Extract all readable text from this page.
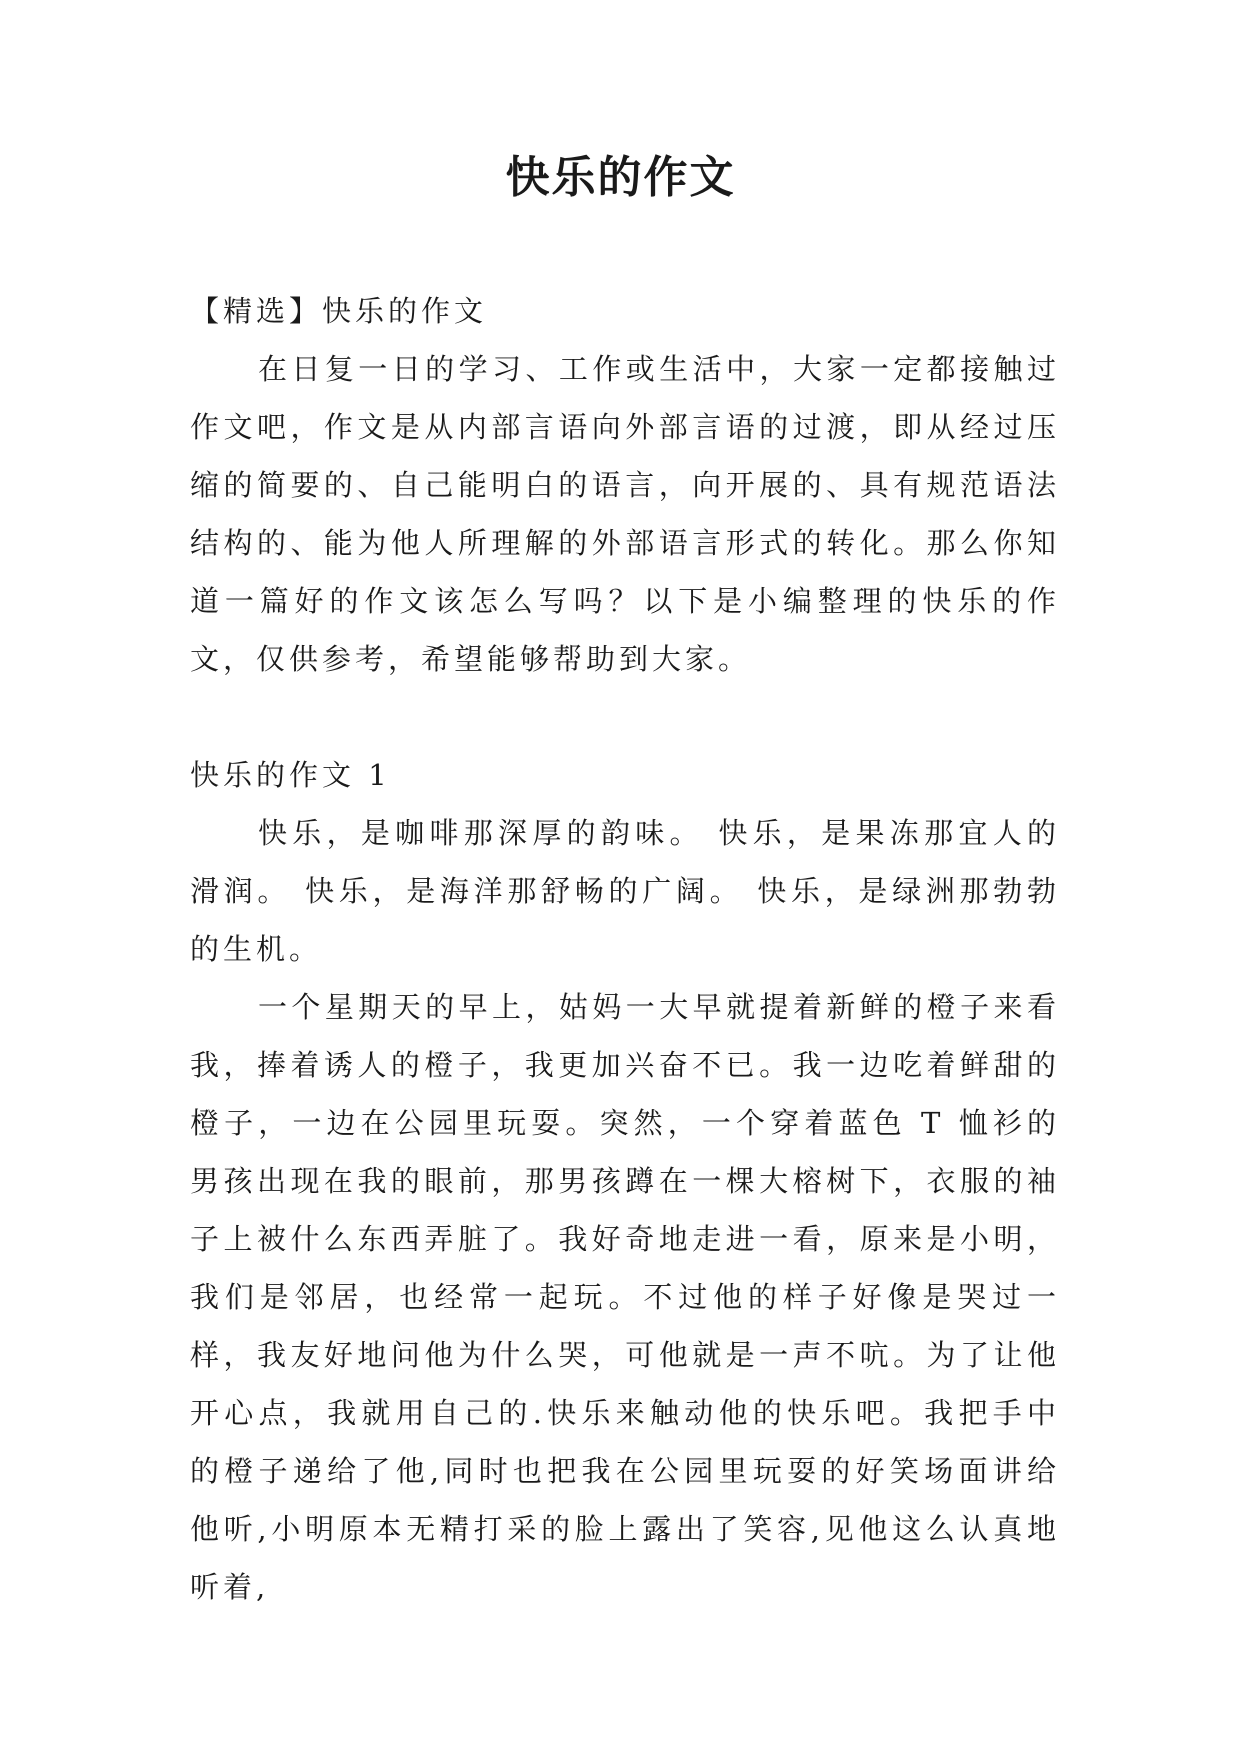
快乐的作文

【精选】快乐的作文

在日复一日的学习、工作或生活中，大家一定都接触过作文吧，作文是从内部言语向外部言语的过渡，即从经过压缩的简要的、自己能明白的语言，向开展的、具有规范语法结构的、能为他人所理解的外部语言形式的转化。那么你知道一篇好的作文该怎么写吗？以下是小编整理的快乐的作文，仅供参考，希望能够帮助到大家。

快乐的作文 1

快乐，是咖啡那深厚的韵味。 快乐，是果冻那宜人的滑润。 快乐，是海洋那舒畅的广阔。 快乐，是绿洲那勃勃的生机。

一个星期天的早上，姑妈一大早就提着新鲜的橙子来看我，捧着诱人的橙子，我更加兴奋不已。我一边吃着鲜甜的橙子，一边在公园里玩耍。突然，一个穿着蓝色 T 恤衫的男孩出现在我的眼前，那男孩蹲在一棵大榕树下，衣服的袖子上被什么东西弄脏了。我好奇地走进一看，原来是小明，我们是邻居，也经常一起玩。不过他的样子好像是哭过一样，我友好地问他为什么哭，可他就是一声不吭。为了让他开心点，我就用自己的.快乐来触动他的快乐吧。我把手中的橙子递给了他,同时也把我在公园里玩耍的好笑场面讲给他听,小明原本无精打采的脸上露出了笑容,见他这么认真地听着,
